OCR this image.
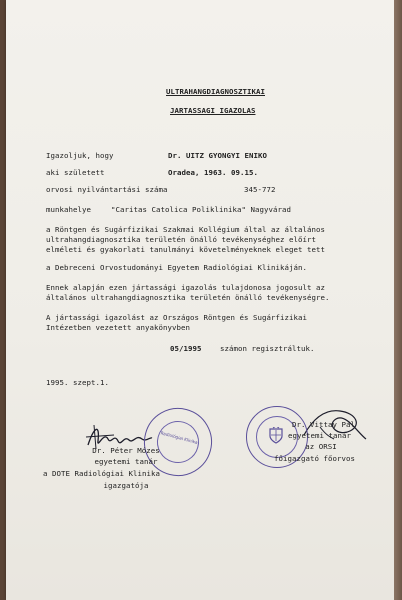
ULTRAHANGDIAGNOSZTIKAI
JARTASSAGI IGAZOLAS
Igazoljuk, hogy	Dr. UITZ GYONGYI ENIKO
aki született	Oradea, 1963. 09.15.
orvosi nyilvántartási száma	345-772
munkahelye	"Caritas Catolica Poliklinika" Nagyvárad
a Röntgen és Sugárfizikai Szakmai Kollégium által az általános
ultrahangdiagnosztika területén önálló tevékenységhez előírt
elméleti és gyakorlati tanulmányi követelményeknek eleget tett
a Debreceni Orvostudományi Egyetem Radiológiai Klinikáján.
Ennek alapján ezen jártassági igazolás tulajdonosa jogosult az
általános ultrahangdiagnosztika területén önálló tevékenységre.
A jártassági igazolást az Országos Röntgen és Sugárfizikai
Intézetben vezetett anyakönyvben
05/1995	számon regisztráltuk.
1995. szept.1.
Radiológiai Klinika
Dr. Péter Mózes
egyetemi tanár
a DOTE Radiológiai Klinika
igazgatója
Dr. Vittay Pál
egyetemi tanár
az ORSI
főigazgató főorvos
